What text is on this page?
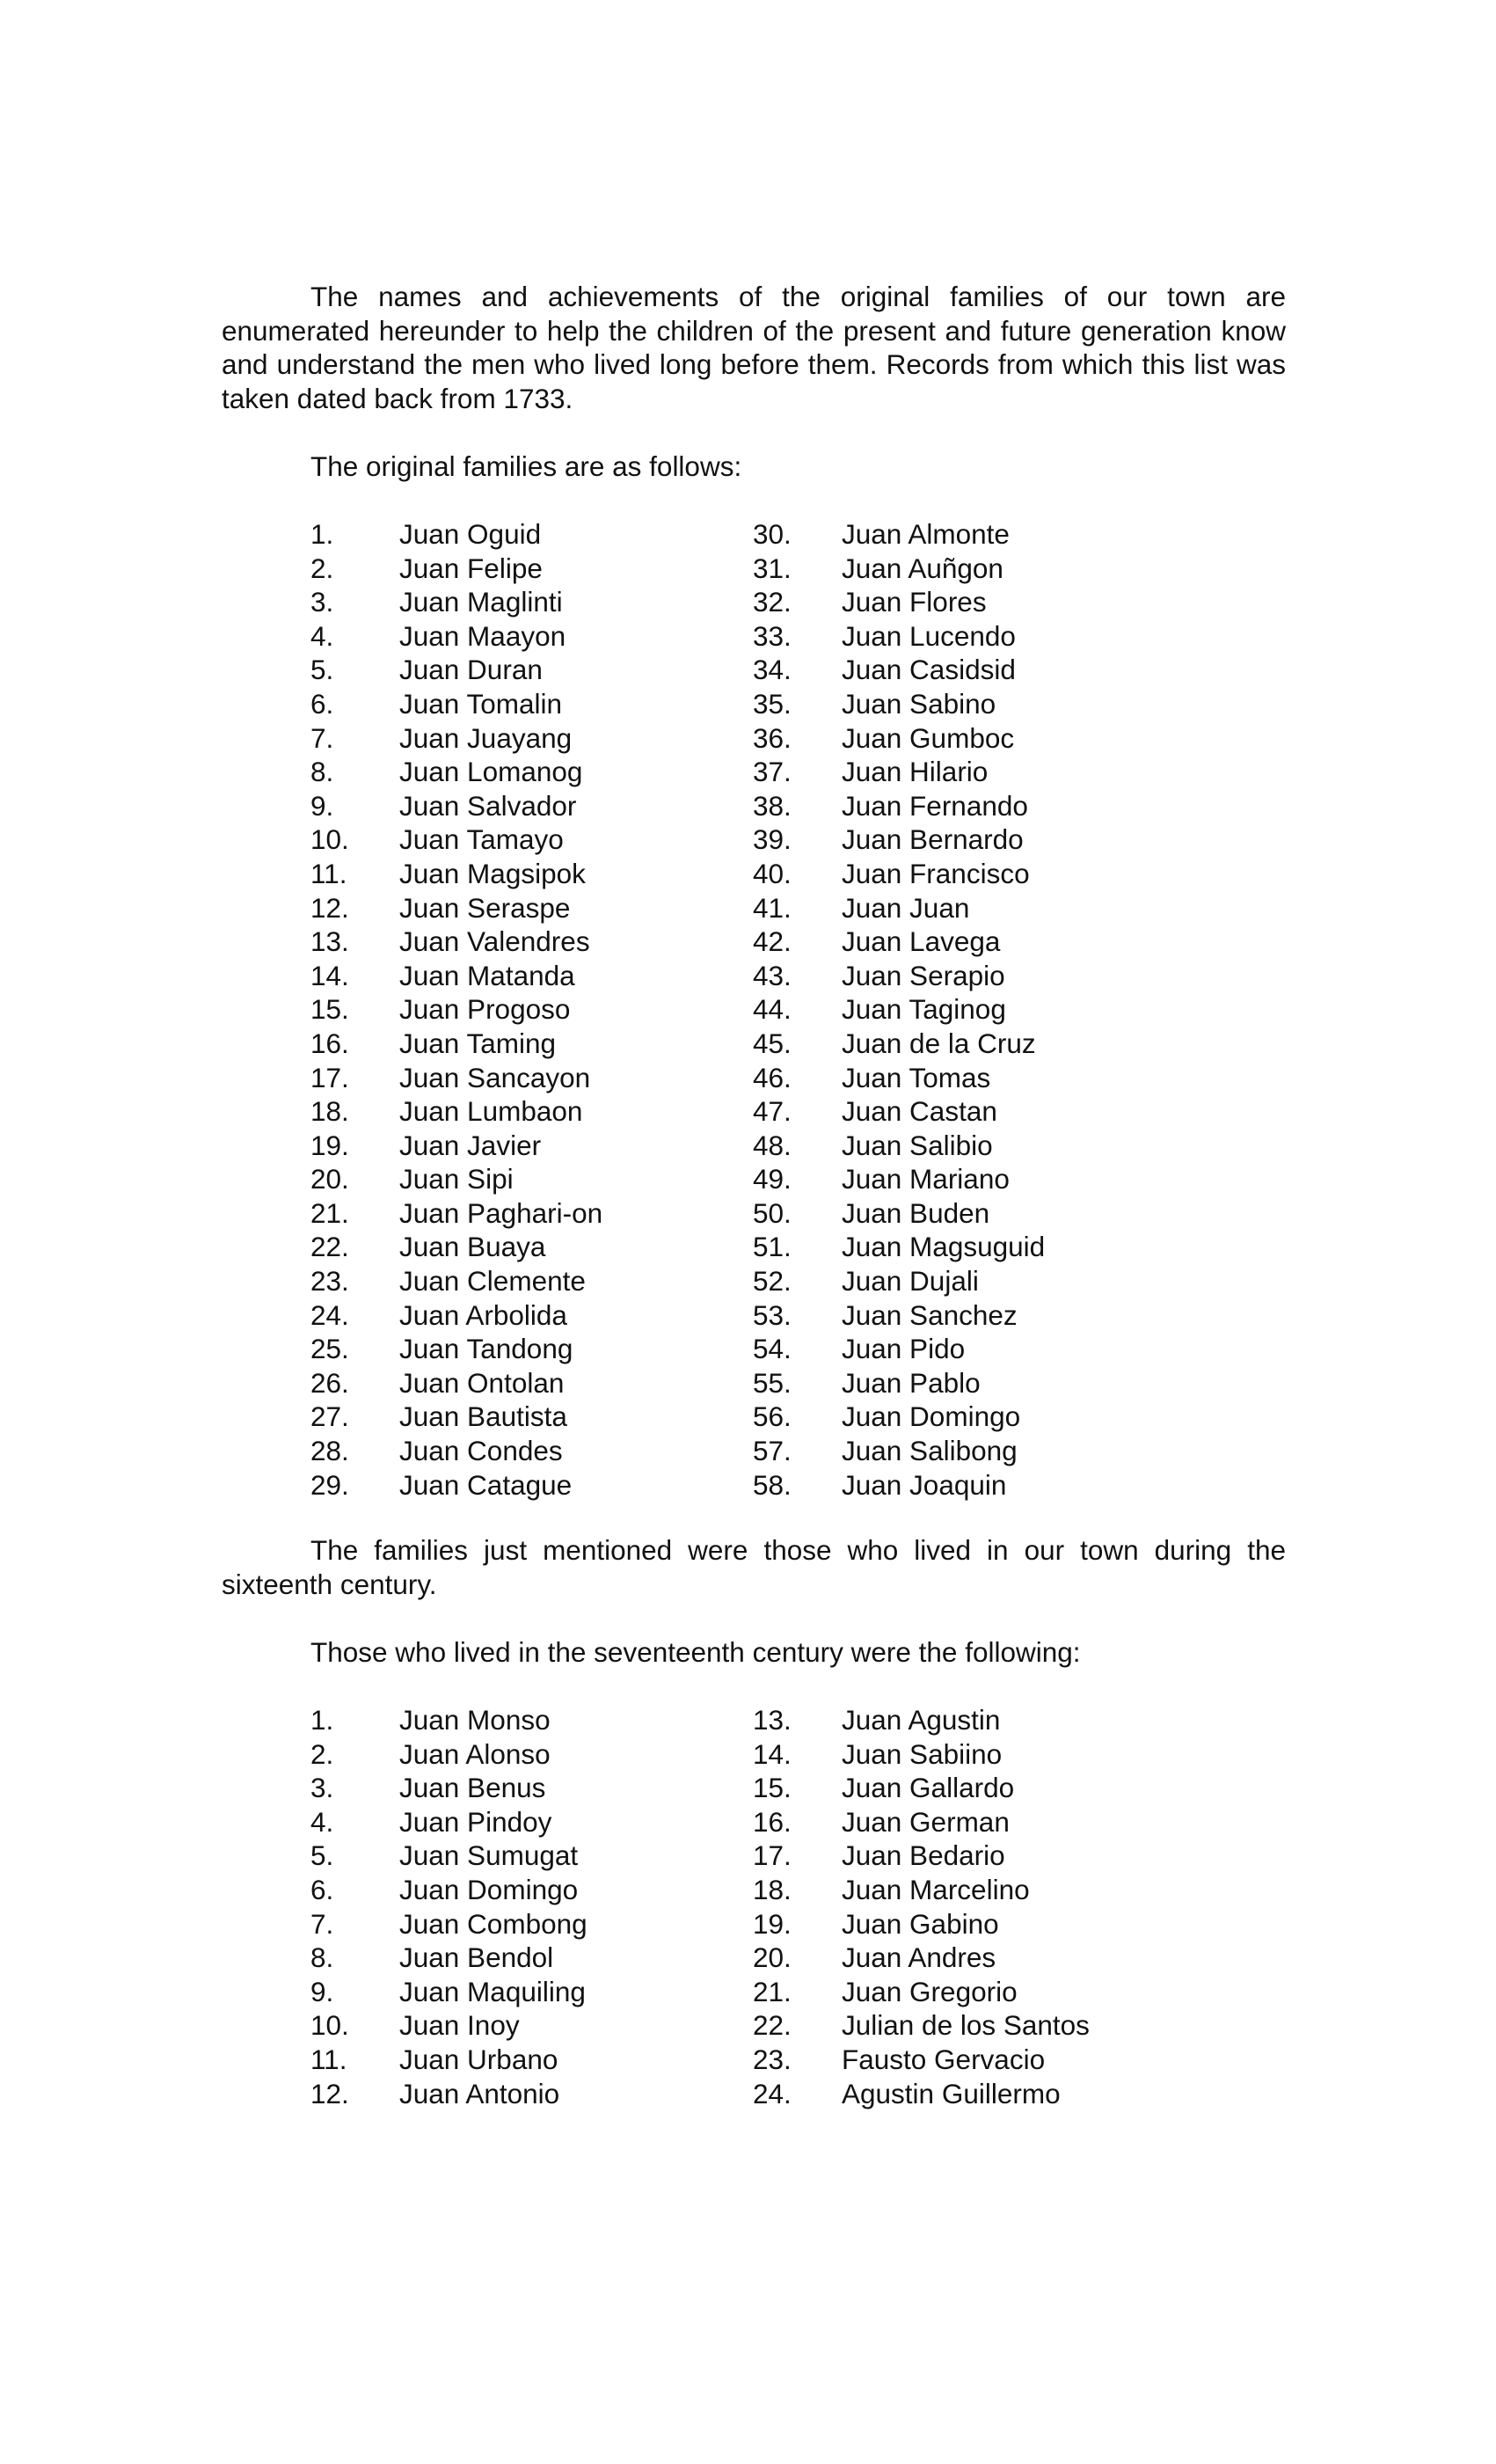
The names and achievements of the original families of our town are enumerated hereunder to help the children of the present and future generation know and understand the men who lived long before them. Records from which this list was taken dated back from 1733.

The original families are as follows:

1. Juan Oguid	30. Juan Almonte
2. Juan Felipe	31. Juan Auñgon
3. Juan Maglinti	32. Juan Flores
4. Juan Maayon	33. Juan Lucendo
5. Juan Duran	34. Juan Casidsid
6. Juan Tomalin	35. Juan Sabino
7. Juan Juayang	36. Juan Gumboc
8. Juan Lomanog	37. Juan Hilario
9. Juan Salvador	38. Juan Fernando
10. Juan Tamayo	39. Juan Bernardo
11. Juan Magsipok	40. Juan Francisco
12. Juan Seraspe	41. Juan Juan
13. Juan Valendres	42. Juan Lavega
14. Juan Matanda	43. Juan Serapio
15. Juan Progoso	44. Juan Taginog
16. Juan Taming	45. Juan de la Cruz
17. Juan Sancayon	46. Juan Tomas
18. Juan Lumbaon	47. Juan Castan
19. Juan Javier	48. Juan Salibio
20. Juan Sipi	49. Juan Mariano
21. Juan Paghari-on	50. Juan Buden
22. Juan Buaya	51. Juan Magsuguid
23. Juan Clemente	52. Juan Dujali
24. Juan Arbolida	53. Juan Sanchez
25. Juan Tandong	54. Juan Pido
26. Juan Ontolan	55. Juan Pablo
27. Juan Bautista	56. Juan Domingo
28. Juan Condes	57. Juan Salibong
29. Juan Catague	58. Juan Joaquin

The families just mentioned were those who lived in our town during the sixteenth century.

Those who lived in the seventeenth century were the following:

1. Juan Monso	13. Juan Agustin
2. Juan Alonso	14. Juan Sabiino
3. Juan Benus	15. Juan Gallardo
4. Juan Pindoy	16. Juan German
5. Juan Sumugat	17. Juan Bedario
6. Juan Domingo	18. Juan Marcelino
7. Juan Combong	19. Juan Gabino
8. Juan Bendol	20. Juan Andres
9. Juan Maquiling	21. Juan Gregorio
10. Juan Inoy	22. Julian de los Santos
11. Juan Urbano	23. Fausto Gervacio
12. Juan Antonio	24. Agustin Guillermo
